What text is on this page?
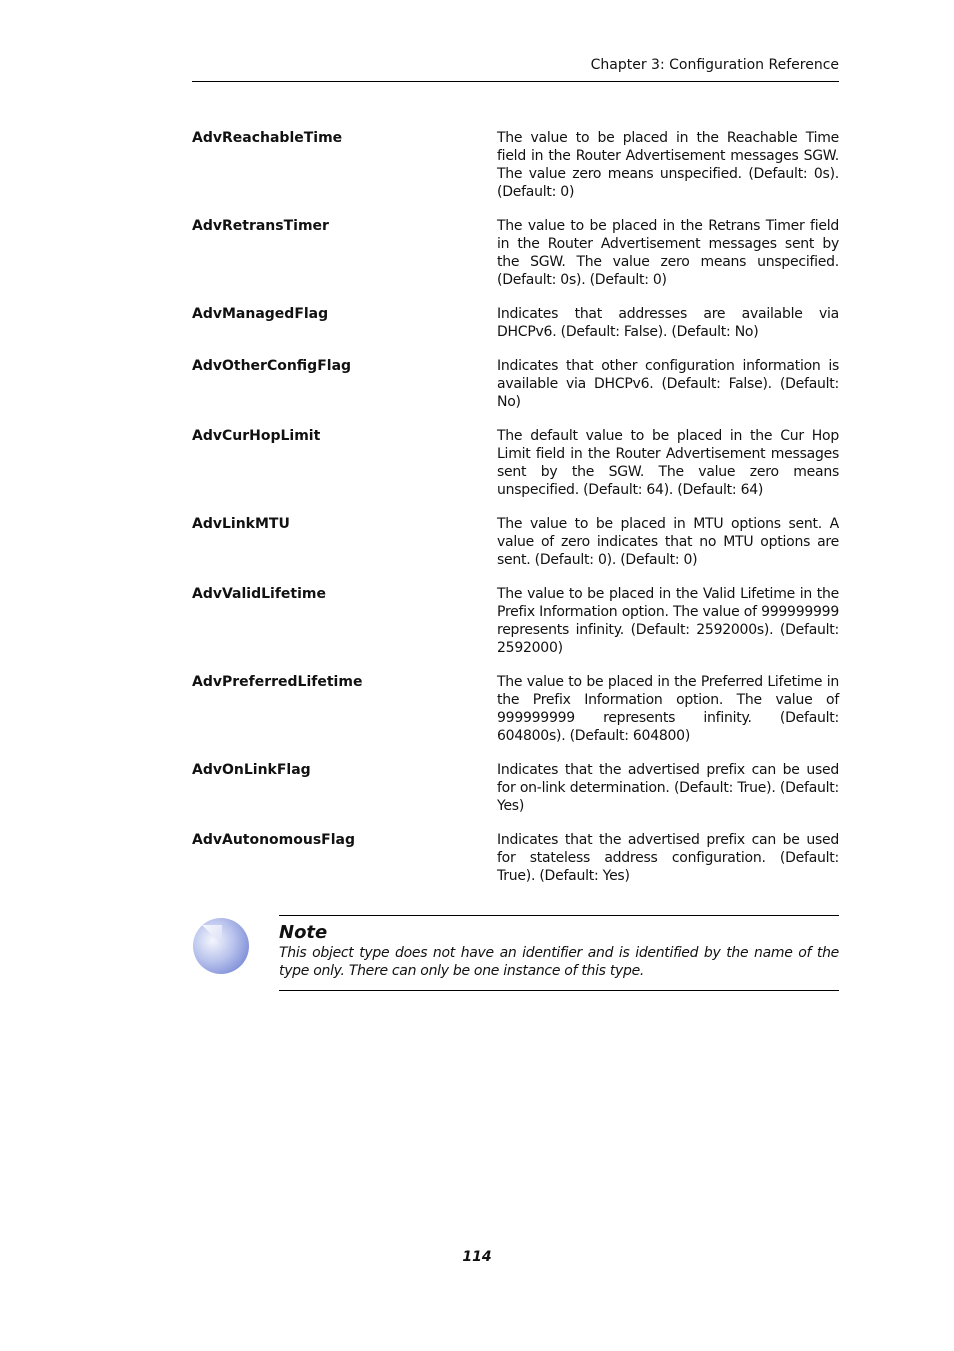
Chapter 3: Configuration Reference
AdvReachableTime	The value to be placed in the Reachable Time field in the Router Advertisement messages SGW. The value zero means unspecified. (Default: 0s). (Default: 0)
AdvRetransTimer	The value to be placed in the Retrans Timer field in the Router Advertisement messages sent by the SGW. The value zero means unspecified. (Default: 0s). (Default: 0)
AdvManagedFlag	Indicates that addresses are available via DHCPv6. (Default: False). (Default: No)
AdvOtherConfigFlag	Indicates that other configuration information is available via DHCPv6. (Default: False). (Default: No)
AdvCurHopLimit	The default value to be placed in the Cur Hop Limit field in the Router Advertisement messages sent by the SGW. The value zero means unspecified. (Default: 64). (Default: 64)
AdvLinkMTU	The value to be placed in MTU options sent. A value of zero indicates that no MTU options are sent. (Default: 0). (Default: 0)
AdvValidLifetime	The value to be placed in the Valid Lifetime in the Prefix Information option. The value of 999999999 represents infinity. (Default: 2592000s). (Default: 2592000)
AdvPreferredLifetime	The value to be placed in the Preferred Lifetime in the Prefix Information option. The value of 999999999 represents infinity. (Default: 604800s). (Default: 604800)
AdvOnLinkFlag	Indicates that the advertised prefix can be used for on-link determination. (Default: True). (Default: Yes)
AdvAutonomousFlag	Indicates that the advertised prefix can be used for stateless address configuration. (Default: True). (Default: Yes)
Note
This object type does not have an identifier and is identified by the name of the type only. There can only be one instance of this type.
114
